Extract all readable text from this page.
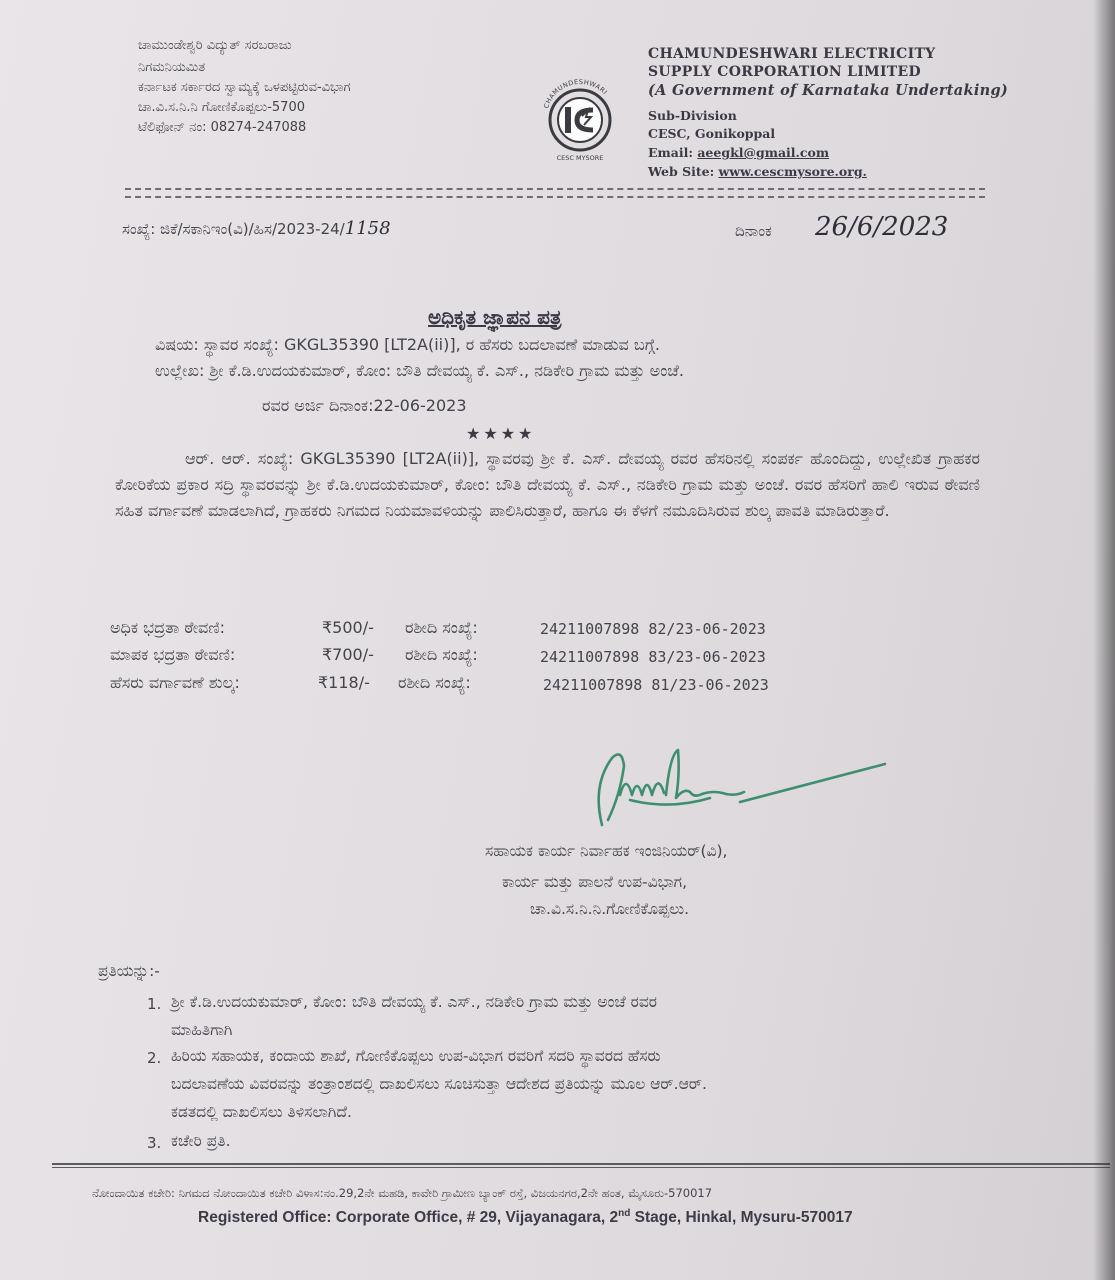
ಚಾಮುಂಡೇಶ್ವರಿ ವಿದ್ಯುತ್ ಸರಬರಾಜು
ನಿಗಮನಿಯಮಿತ
ಕರ್ನಾಟಕ ಸರ್ಕಾರದ ಸ್ವಾಮ್ಯಕ್ಕೆ ಒಳಪಟ್ಟಿರುವ-ವಿಭಾಗ
ಚಾ.ವಿ.ಸ.ನಿ.ನಿ ಗೋಣಿಕೊಪ್ಪಲು-5700
ಟೆಲಿಫೋನ್ ನಂ: 08274-247088
CHAMUNDESHWARI
CESC MYSORE
CHAMUNDESHWARI ELECTRICITY
SUPPLY CORPORATION LIMITED
(A Government of Karnataka Undertaking)
Sub-Division
CESC, Gonikoppal
Email: aeegkl@gmail.com
Web Site: www.cescmysore.org.
ಸಂಖ್ಯೆ: ಜಿಕೆ/ಸಕಾನಿಇಂ(ವಿ)/ಹಿಸ/2023-24/1158	ದಿನಾಂಕ 26/6/2023
ಅಧಿಕೃತ ಜ್ಞಾಪನ ಪತ್ರ
ವಿಷಯ: ಸ್ಥಾವರ ಸಂಖ್ಯೆ: GKGL35390 [LT2A(ii)], ರ ಹೆಸರು ಬದಲಾವಣೆ ಮಾಡುವ ಬಗ್ಗೆ.
ಉಲ್ಲೇಖ: ಶ್ರೀ ಕೆ.ಡಿ.ಉದಯಕುಮಾರ್, ಕೋಂ: ಬೌತಿ ದೇವಯ್ಯ ಕೆ. ಎಸ್., ನಡಿಕೇರಿ ಗ್ರಾಮ ಮತ್ತು ಅಂಚೆ.
ರವರ ಅರ್ಜಿ ದಿನಾಂಕ:22-06-2023
★★★★
ಆರ್. ಆರ್. ಸಂಖ್ಯೆ: GKGL35390 [LT2A(ii)], ಸ್ಥಾವರವು ಶ್ರೀ ಕೆ. ಎಸ್. ದೇವಯ್ಯ ರವರ ಹೆಸರಿನಲ್ಲಿ ಸಂಪರ್ಕ ಹೊಂದಿದ್ದು, ಉಲ್ಲೇಖಿತ ಗ್ರಾಹಕರ ಕೋರಿಕೆಯ ಪ್ರಕಾರ ಸದ್ರಿ ಸ್ಥಾವರವನ್ನು ಶ್ರೀ ಕೆ.ಡಿ.ಉದಯಕುಮಾರ್, ಕೋಂ: ಬೌತಿ ದೇವಯ್ಯ ಕೆ. ಎಸ್., ನಡಿಕೇರಿ ಗ್ರಾಮ ಮತ್ತು ಅಂಚೆ. ರವರ ಹೆಸರಿಗೆ ಹಾಲಿ ಇರುವ ಠೇವಣಿ ಸಹಿತ ವರ್ಗಾವಣೆ ಮಾಡಲಾಗಿದೆ, ಗ್ರಾಹಕರು ನಿಗಮದ ನಿಯಮಾವಳಿಯನ್ನು ಪಾಲಿಸಿರುತ್ತಾರೆ, ಹಾಗೂ ಈ ಕೆಳಗೆ ನಮೂದಿಸಿರುವ ಶುಲ್ಕ ಪಾವತಿ ಮಾಡಿರುತ್ತಾರೆ.
ಅಧಿಕ ಭದ್ರತಾ ಠೇವಣಿ:	₹500/- ರಶೀದಿ ಸಂಖ್ಯೆ:	24211007898 82/23-06-2023
ಮಾಪಕ ಭದ್ರತಾ ಠೇವಣಿ:	₹700/- ರಶೀದಿ ಸಂಖ್ಯೆ:	24211007898 83/23-06-2023
ಹೆಸರು ವರ್ಗಾವಣೆ ಶುಲ್ಕ:	₹118/- ರಶೀದಿ ಸಂಖ್ಯೆ:	24211007898 81/23-06-2023
ಸಹಾಯಕ ಕಾರ್ಯ ನಿರ್ವಾಹಕ ಇಂಜಿನಿಯರ್(ವಿ),
ಕಾರ್ಯ ಮತ್ತು ಪಾಲನೆ ಉಪ-ವಿಭಾಗ,
ಚಾ.ವಿ.ಸ.ನಿ.ನಿ.ಗೋಣಿಕೊಪ್ಪಲು.
ಪ್ರತಿಯನ್ನು:-
1. ಶ್ರೀ ಕೆ.ಡಿ.ಉದಯಕುಮಾರ್, ಕೋಂ: ಬೌತಿ ದೇವಯ್ಯ ಕೆ. ಎಸ್., ನಡಿಕೇರಿ ಗ್ರಾಮ ಮತ್ತು ಅಂಚೆ ರವರ
ಮಾಹಿತಿಗಾಗಿ
2. ಹಿರಿಯ ಸಹಾಯಕ, ಕಂದಾಯ ಶಾಖೆ, ಗೋಣಿಕೊಪ್ಪಲು ಉಪ-ವಿಭಾಗ ರವರಿಗೆ ಸದರಿ ಸ್ಥಾವರದ ಹೆಸರು
ಬದಲಾವಣೆಯ ವಿವರವನ್ನು ತಂತ್ರಾಂಶದಲ್ಲಿ ದಾಖಲಿಸಲು ಸೂಚಿಸುತ್ತಾ ಆದೇಶದ ಪ್ರತಿಯನ್ನು ಮೂಲ ಆರ್.ಆರ್.
ಕಡತದಲ್ಲಿ ದಾಖಲಿಸಲು ತಿಳಿಸಲಾಗಿದೆ.
3. ಕಚೇರಿ ಪ್ರತಿ.
ನೋಂದಾಯಿತ ಕಚೇರಿ: ನಿಗಮದ ನೋಂದಾಯಿತ ಕಚೇರಿ ವಿಳಾಸ:ನಂ.29,2ನೇ ಮಹಡಿ, ಕಾವೇರಿ ಗ್ರಾಮೀಣ ಬ್ಯಾಂಕ್ ರಸ್ತೆ, ವಿಜಯನಗರ,2ನೇ ಹಂತ, ಮೈಸೂರು-570017
Registered Office: Corporate Office, # 29, Vijayanagara, 2nd Stage, Hinkal, Mysuru-570017
